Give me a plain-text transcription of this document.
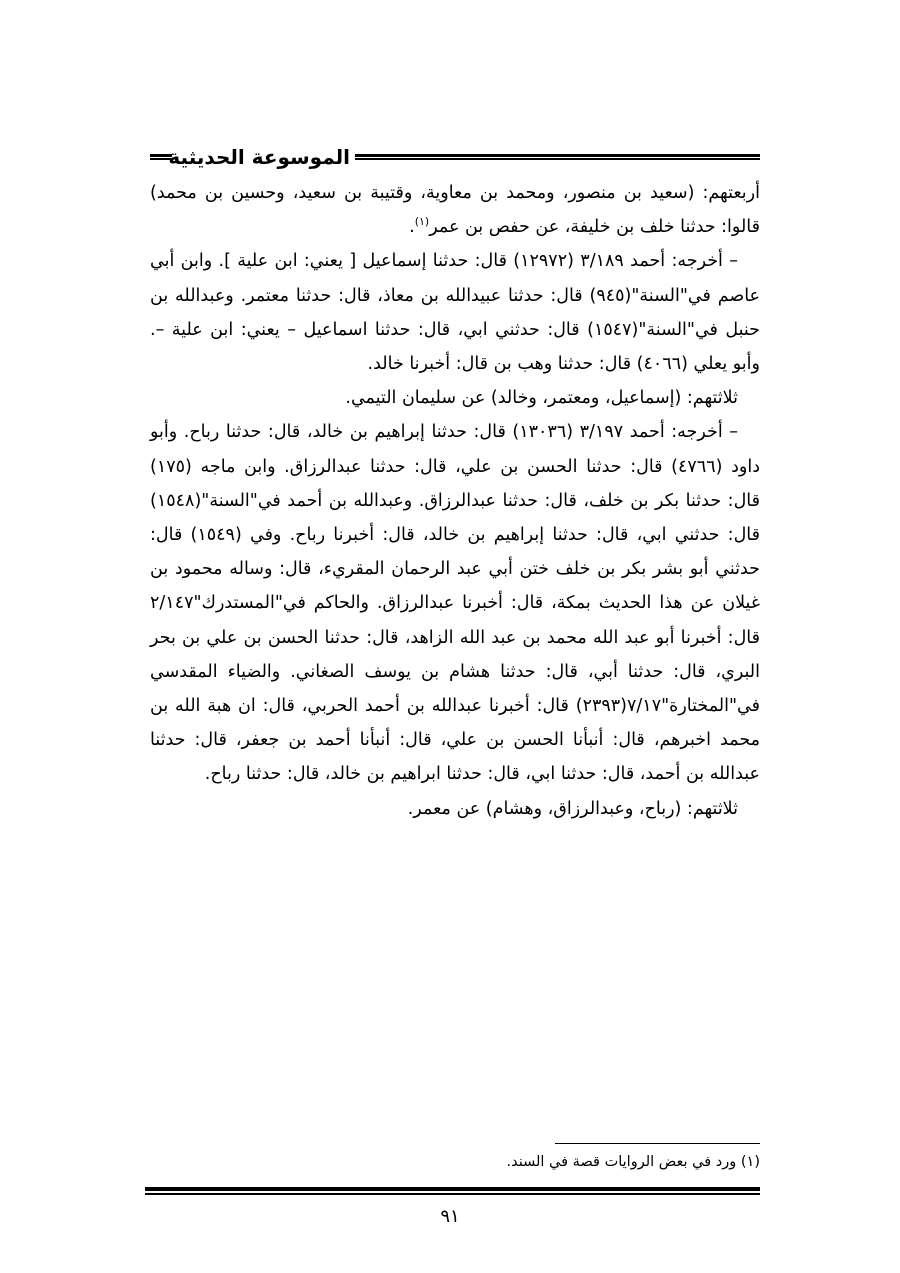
الموسوعة الحديثية

أربعتهم: (سعيد بن منصور، ومحمد بن معاوية، وقتيبة بن سعيد، وحسين بن محمد) قالوا: حدثنا خلف بن خليفة، عن حفص بن عمر$^{(١)}$.

– أخرجه: أحمد ٣/١٨٩ (١٢٩٧٢) قال: حدثنا إسماعيل [ يعني: ابن علية ]. وابن أبي عاصم في"السنة"(٩٤٥) قال: حدثنا عبيدالله بن معاذ، قال: حدثنا معتمر. وعبدالله بن حنبل في"السنة"(١٥٤٧) قال: حدثني ابي، قال: حدثنا اسماعيل – يعني: ابن علية –. وأبو يعلي (٤٠٦٦) قال: حدثنا وهب بن قال: أخبرنا خالد.

ثلاثتهم: (إسماعيل، ومعتمر، وخالد) عن سليمان التيمي.

– أخرجه: أحمد ٣/١٩٧ (١٣٠٣٦) قال: حدثنا إبراهيم بن خالد، قال: حدثنا رباح. وأبو داود (٤٧٦٦) قال: حدثنا الحسن بن علي، قال: حدثنا عبدالرزاق. وابن ماجه (١٧٥) قال: حدثنا بكر بن خلف، قال: حدثنا عبدالرزاق. وعبدالله بن أحمد في"السنة"(١٥٤٨) قال: حدثني ابي، قال: حدثنا إبراهيم بن خالد، قال: أخبرنا رباح. وفي (١٥٤٩) قال: حدثني أبو بشر بكر بن خلف ختن أبي عبد الرحمان المقريء، قال: وساله محمود بن غيلان عن هذا الحديث بمكة، قال: أخبرنا عبدالرزاق. والحاكم في"المستدرك"٢/١٤٧ قال: أخبرنا أبو عبد الله محمد بن عبد الله الزاهد، قال: حدثنا الحسن بن علي بن بحر البري، قال: حدثنا أبي، قال: حدثنا هشام بن يوسف الصغاني. والضياء المقدسي في"المختارة"٧/١٧(٢٣٩٣) قال: أخبرنا عبدالله بن أحمد الحربي، قال: ان هبة الله بن محمد اخبرهم، قال: أنبأنا الحسن بن علي، قال: أنبأنا أحمد بن جعفر، قال: حدثنا عبدالله بن أحمد، قال: حدثنا ابي، قال: حدثنا ابراهيم بن خالد، قال: حدثنا رباح.

ثلاثتهم: (رباح، وعبدالرزاق، وهشام) عن معمر.

(١) ورد في بعض الروايات قصة في السند.
٩١
